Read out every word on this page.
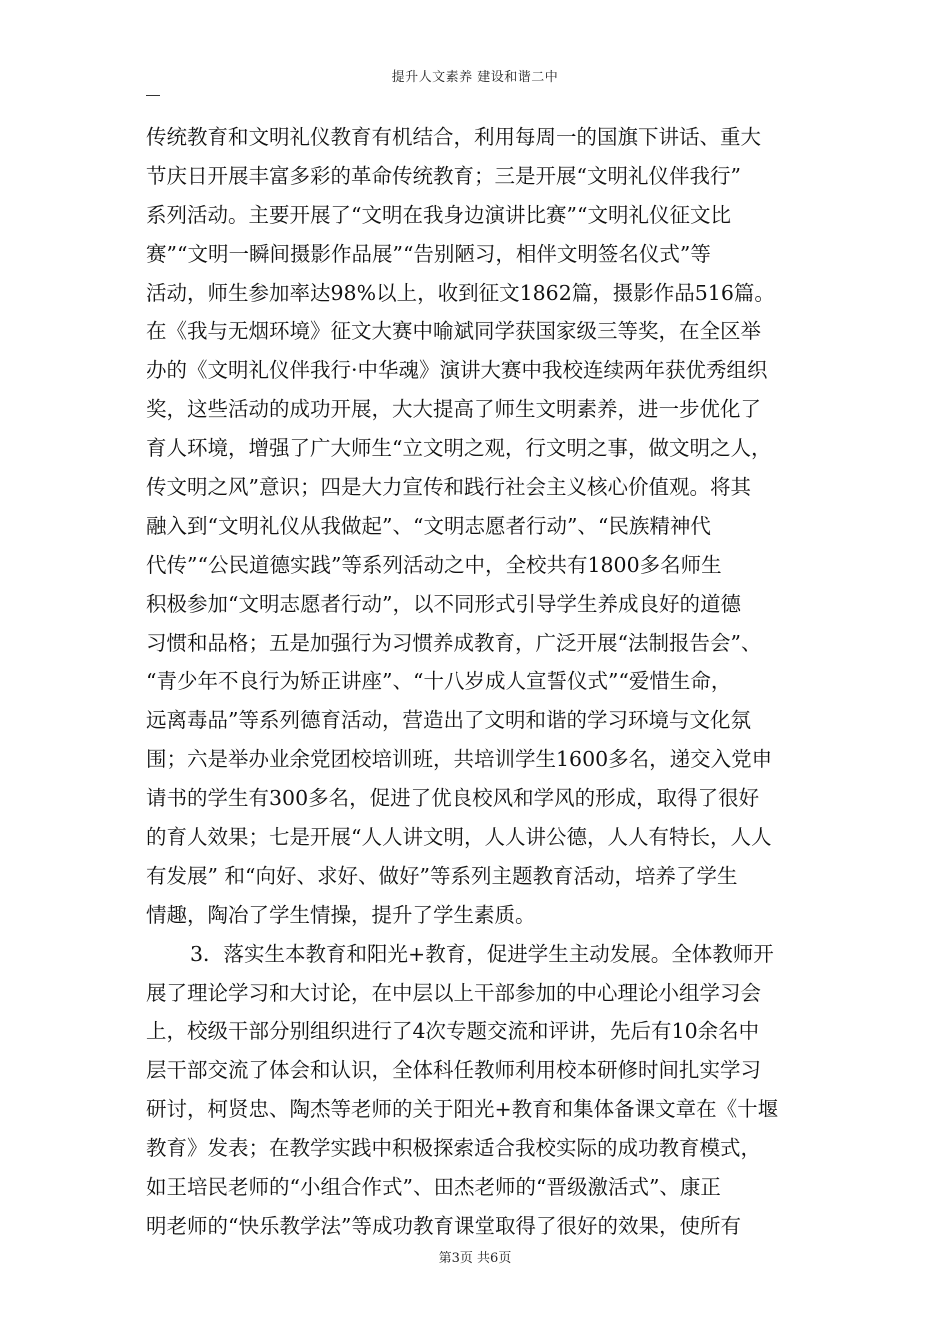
提升人文素养 建设和谐二中
传统教育和文明礼仪教育有机结合，利用每周一的国旗下讲话、重大
节庆日开展丰富多彩的革命传统教育；三是开展“文明礼仪伴我行”
系列活动。主要开展了“文明在我身边演讲比赛”“文明礼仪征文比
赛”“文明一瞬间摄影作品展”“告别陋习，相伴文明签名仪式”等
活动，师生参加率达98%以上，收到征文1862篇，摄影作品516篇。
在《我与无烟环境》征文大赛中喻斌同学获国家级三等奖，在全区举
办的《文明礼仪伴我行·中华魂》演讲大赛中我校连续两年获优秀组织
奖，这些活动的成功开展，大大提高了师生文明素养，进一步优化了
育人环境，增强了广大师生“立文明之观，行文明之事，做文明之人，
传文明之风”意识；四是大力宣传和践行社会主义核心价值观。将其
融入到“文明礼仪从我做起”、“文明志愿者行动”、“民族精神代
代传”“公民道德实践”等系列活动之中，全校共有1800多名师生
积极参加“文明志愿者行动”，以不同形式引导学生养成良好的道德
习惯和品格；五是加强行为习惯养成教育，广泛开展“法制报告会”、
“青少年不良行为矫正讲座”、“十八岁成人宣誓仪式”“爱惜生命，
远离毒品”等系列德育活动，营造出了文明和谐的学习环境与文化氛
围；六是举办业余党团校培训班，共培训学生1600多名，递交入党申
请书的学生有300多名，促进了优良校风和学风的形成，取得了很好
的育人效果；七是开展“人人讲文明，人人讲公德，人人有特长，人人
有发展” 和“向好、求好、做好”等系列主题教育活动，培养了学生
情趣，陶冶了学生情操，提升了学生素质。
3．落实生本教育和阳光+教育，促进学生主动发展。全体教师开
展了理论学习和大讨论，在中层以上干部参加的中心理论小组学习会
上，校级干部分别组织进行了4次专题交流和评讲，先后有10余名中
层干部交流了体会和认识，全体科任教师利用校本研修时间扎实学习
研讨，柯贤忠、陶杰等老师的关于阳光+教育和集体备课文章在《十堰
教育》发表；在教学实践中积极探索适合我校实际的成功教育模式，
如王培民老师的“小组合作式”、田杰老师的“晋级激活式”、康正
明老师的“快乐教学法”等成功教育课堂取得了很好的效果，使所有
第3页 共6页
